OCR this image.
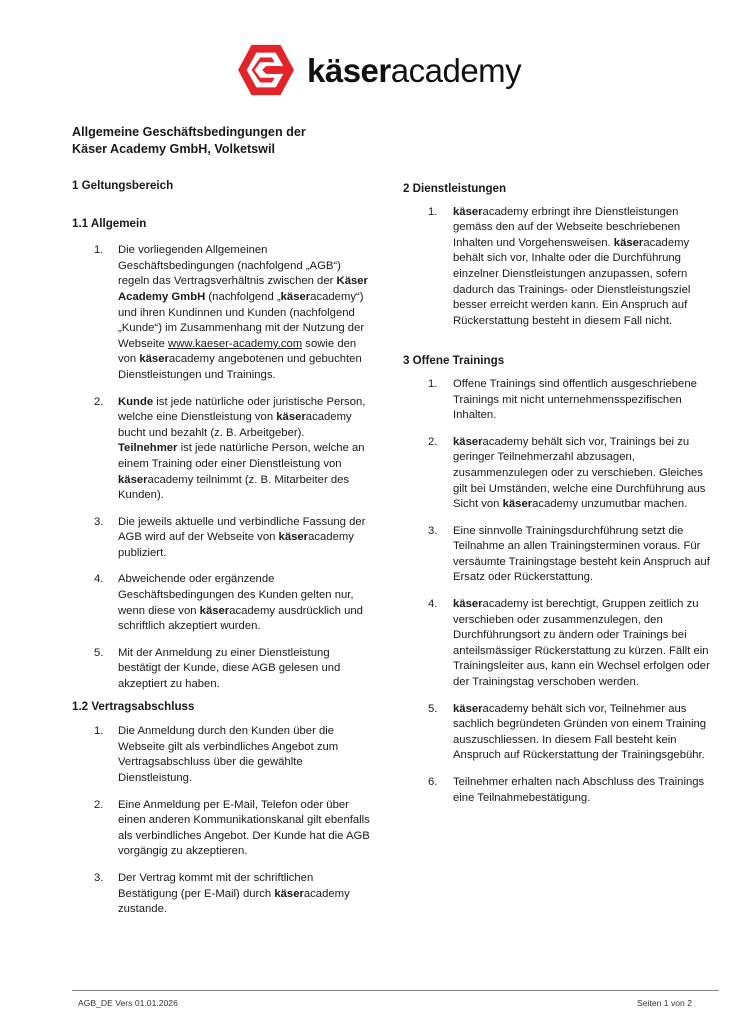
käseracademy
Allgemeine Geschäftsbedingungen der
Käser Academy GmbH, Volketswil
1 Geltungsbereich
1.1 Allgemein
1. Die vorliegenden Allgemeinen Geschäftsbedingungen (nachfolgend „AGB“) regeln das Vertragsverhältnis zwischen der Käser Academy GmbH (nachfolgend „käseracademy“) und ihren Kundinnen und Kunden (nachfolgend „Kunde“) im Zusammenhang mit der Nutzung der Webseite www.kaeser-academy.com sowie den von käseracademy angebotenen und gebuchten Dienstleistungen und Trainings.
2. Kunde ist jede natürliche oder juristische Person, welche eine Dienstleistung von käseracademy bucht und bezahlt (z. B. Arbeitgeber).
Teilnehmer ist jede natürliche Person, welche an einem Training oder einer Dienstleistung von käseracademy teilnimmt (z. B. Mitarbeiter des Kunden).
3. Die jeweils aktuelle und verbindliche Fassung der AGB wird auf der Webseite von käseracademy publiziert.
4. Abweichende oder ergänzende Geschäftsbedingungen des Kunden gelten nur, wenn diese von käseracademy ausdrücklich und schriftlich akzeptiert wurden.
5. Mit der Anmeldung zu einer Dienstleistung bestätigt der Kunde, diese AGB gelesen und akzeptiert zu haben.
1.2 Vertragsabschluss
1. Die Anmeldung durch den Kunden über die Webseite gilt als verbindliches Angebot zum Vertragsabschluss über die gewählte Dienstleistung.
2. Eine Anmeldung per E-Mail, Telefon oder über einen anderen Kommunikationskanal gilt ebenfalls als verbindliches Angebot. Der Kunde hat die AGB vorgängig zu akzeptieren.
3. Der Vertrag kommt mit der schriftlichen Bestätigung (per E-Mail) durch käseracademy zustande.
2 Dienstleistungen
1. käseracademy erbringt ihre Dienstleistungen gemäss den auf der Webseite beschriebenen Inhalten und Vorgehensweisen. käseracademy behält sich vor, Inhalte oder die Durchführung einzelner Dienstleistungen anzupassen, sofern dadurch das Trainings- oder Dienstleistungsziel besser erreicht werden kann. Ein Anspruch auf Rückerstattung besteht in diesem Fall nicht.
3 Offene Trainings
1. Offene Trainings sind öffentlich ausgeschriebene Trainings mit nicht unternehmensspezifischen Inhalten.
2. käseracademy behält sich vor, Trainings bei zu geringer Teilnehmerzahl abzusagen, zusammenzulegen oder zu verschieben. Gleiches gilt bei Umständen, welche eine Durchführung aus Sicht von käseracademy unzumutbar machen.
3. Eine sinnvolle Trainingsdurchführung setzt die Teilnahme an allen Trainingsterminen voraus. Für versäumte Trainingstage besteht kein Anspruch auf Ersatz oder Rückerstattung.
4. käseracademy ist berechtigt, Gruppen zeitlich zu verschieben oder zusammenzulegen, den Durchführungsort zu ändern oder Trainings bei anteilsmässiger Rückerstattung zu kürzen. Fällt ein Trainingsleiter aus, kann ein Wechsel erfolgen oder der Trainingstag verschoben werden.
5. käseracademy behält sich vor, Teilnehmer aus sachlich begründeten Gründen von einem Training auszuschliessen. In diesem Fall besteht kein Anspruch auf Rückerstattung der Trainingsgebühr.
6. Teilnehmer erhalten nach Abschluss des Trainings eine Teilnahmebestätigung.
AGB_DE Vers 01.01.2026	Seiten 1 von 2
